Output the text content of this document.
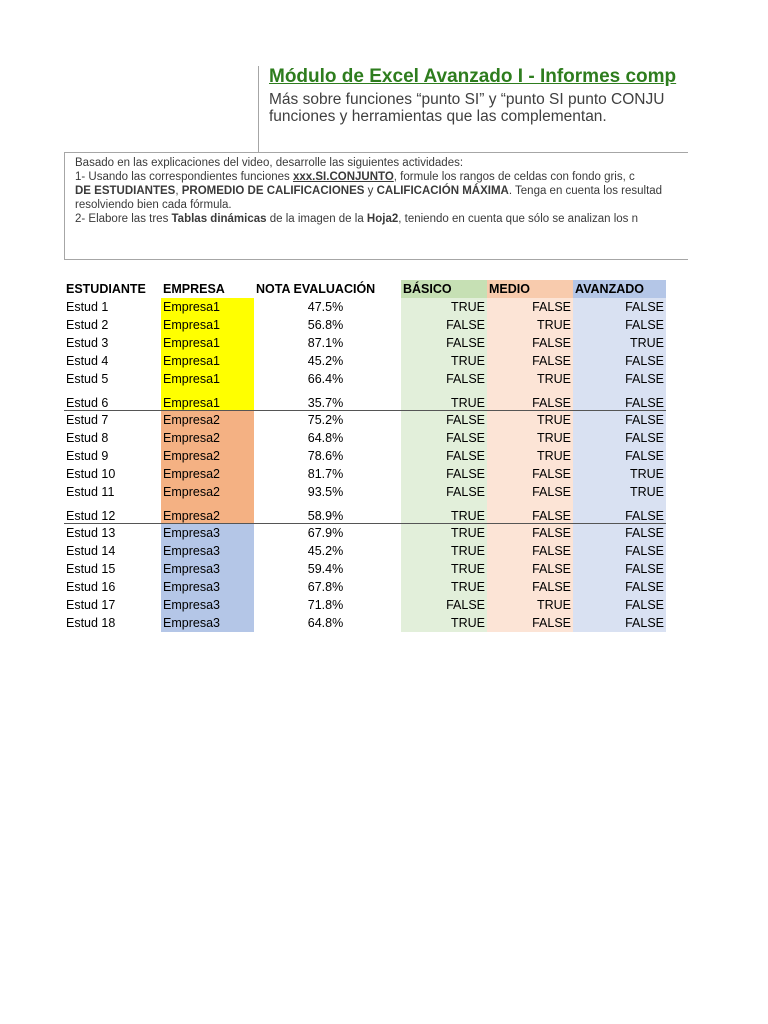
Módulo de Excel Avanzado I - Informes comp
Más sobre funciones “punto SI” y “punto SI punto CONJU
funciones y herramientas que las complementan.
Basado en las explicaciones del video, desarrolle las siguientes actividades:
1- Usando las correspondientes funciones xxx.SI.CONJUNTO, formule los rangos de celdas con fondo gris, c
DE ESTUDIANTES, PROMEDIO DE CALIFICACIONES y CALIFICACIÓN MÁXIMA. Tenga en cuenta los resultad
resolviendo bien cada fórmula.
2- Elabore las tres Tablas dinámicas de la imagen de la Hoja2, teniendo en cuenta que sólo se analizan los n
ESTUDIANTE	EMPRESA	NOTA EVALUACIÓN		BÁSICO	MEDIO	AVANZADO
Estud 1	Empresa1	47.5%		TRUE	FALSE	FALSE
Estud 2	Empresa1	56.8%		FALSE	TRUE	FALSE
Estud 3	Empresa1	87.1%		FALSE	FALSE	TRUE
Estud 4	Empresa1	45.2%		TRUE	FALSE	FALSE
Estud 5	Empresa1	66.4%		FALSE	TRUE	FALSE
Estud 6	Empresa1	35.7%		TRUE	FALSE	FALSE
Estud 7	Empresa2	75.2%		FALSE	TRUE	FALSE
Estud 8	Empresa2	64.8%		FALSE	TRUE	FALSE
Estud 9	Empresa2	78.6%		FALSE	TRUE	FALSE
Estud 10	Empresa2	81.7%		FALSE	FALSE	TRUE
Estud 11	Empresa2	93.5%		FALSE	FALSE	TRUE
Estud 12	Empresa2	58.9%		TRUE	FALSE	FALSE
Estud 13	Empresa3	67.9%		TRUE	FALSE	FALSE
Estud 14	Empresa3	45.2%		TRUE	FALSE	FALSE
Estud 15	Empresa3	59.4%		TRUE	FALSE	FALSE
Estud 16	Empresa3	67.8%		TRUE	FALSE	FALSE
Estud 17	Empresa3	71.8%		FALSE	TRUE	FALSE
Estud 18	Empresa3	64.8%		TRUE	FALSE	FALSE
